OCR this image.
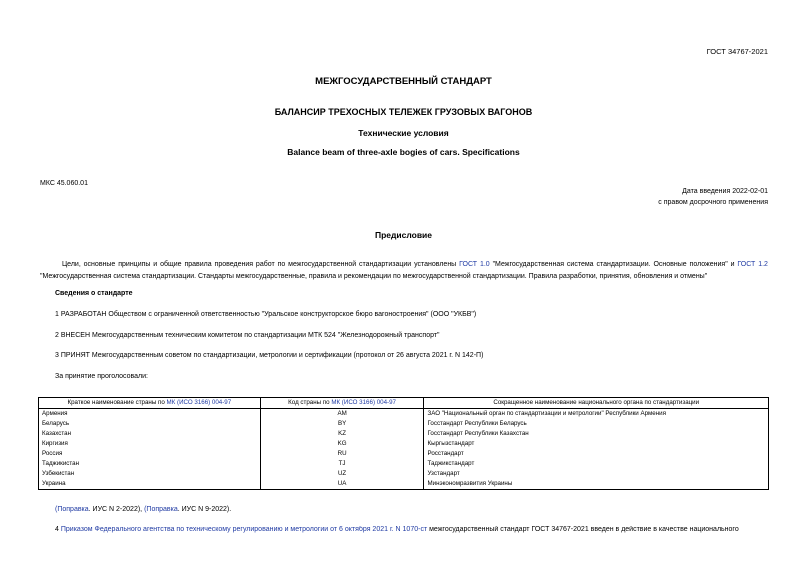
ГОСТ 34767-2021
МЕЖГОСУДАРСТВЕННЫЙ СТАНДАРТ
БАЛАНСИР ТРЕХОСНЫХ ТЕЛЕЖЕК ГРУЗОВЫХ ВАГОНОВ
Технические условия
Balance beam of three-axle bogies of cars. Specifications
МКС 45.060.01
Дата введения 2022-02-01
с правом досрочного применения
Предисловие
Цели, основные принципы и общие правила проведения работ по межгосударственной стандартизации установлены ГОСТ 1.0 "Межгосударственная система стандартизации. Основные положения" и ГОСТ 1.2 "Межгосударственная система стандартизации. Стандарты межгосударственные, правила и рекомендации по межгосударственной стандартизации. Правила разработки, принятия, обновления и отмены"
Сведения о стандарте
1 РАЗРАБОТАН Обществом с ограниченной ответственностью "Уральское конструкторское бюро вагоностроения" (ООО "УКБВ")
2 ВНЕСЕН Межгосударственным техническим комитетом по стандартизации МТК 524 "Железнодорожный транспорт"
3 ПРИНЯТ Межгосударственным советом по стандартизации, метрологии и сертификации (протокол от 26 августа 2021 г. N 142-П)
За принятие проголосовали:
Краткое наименование страны по МК (ИСО 3166) 004-97	Код страны по МК (ИСО 3166) 004-97	Сокращенное наименование национального органа по стандартизации
Армения	AM	ЗАО "Национальный орган по стандартизации и метрологии" Республики Армения
Беларусь	BY	Госстандарт Республики Беларусь
Казахстан	KZ	Госстандарт Республики Казахстан
Киргизия	KG	Кыргызстандарт
Россия	RU	Росстандарт
Таджикистан	TJ	Таджикстандарт
Узбекистан	UZ	Узстандарт
Украина	UA	Минэкономразвития Украины
(Поправка. ИУС N 2-2022), (Поправка. ИУС N 9-2022).
4 Приказом Федерального агентства по техническому регулированию и метрологии от 6 октября 2021 г. N 1070-ст межгосударственный стандарт ГОСТ 34767-2021 введен в действие в качестве национального
